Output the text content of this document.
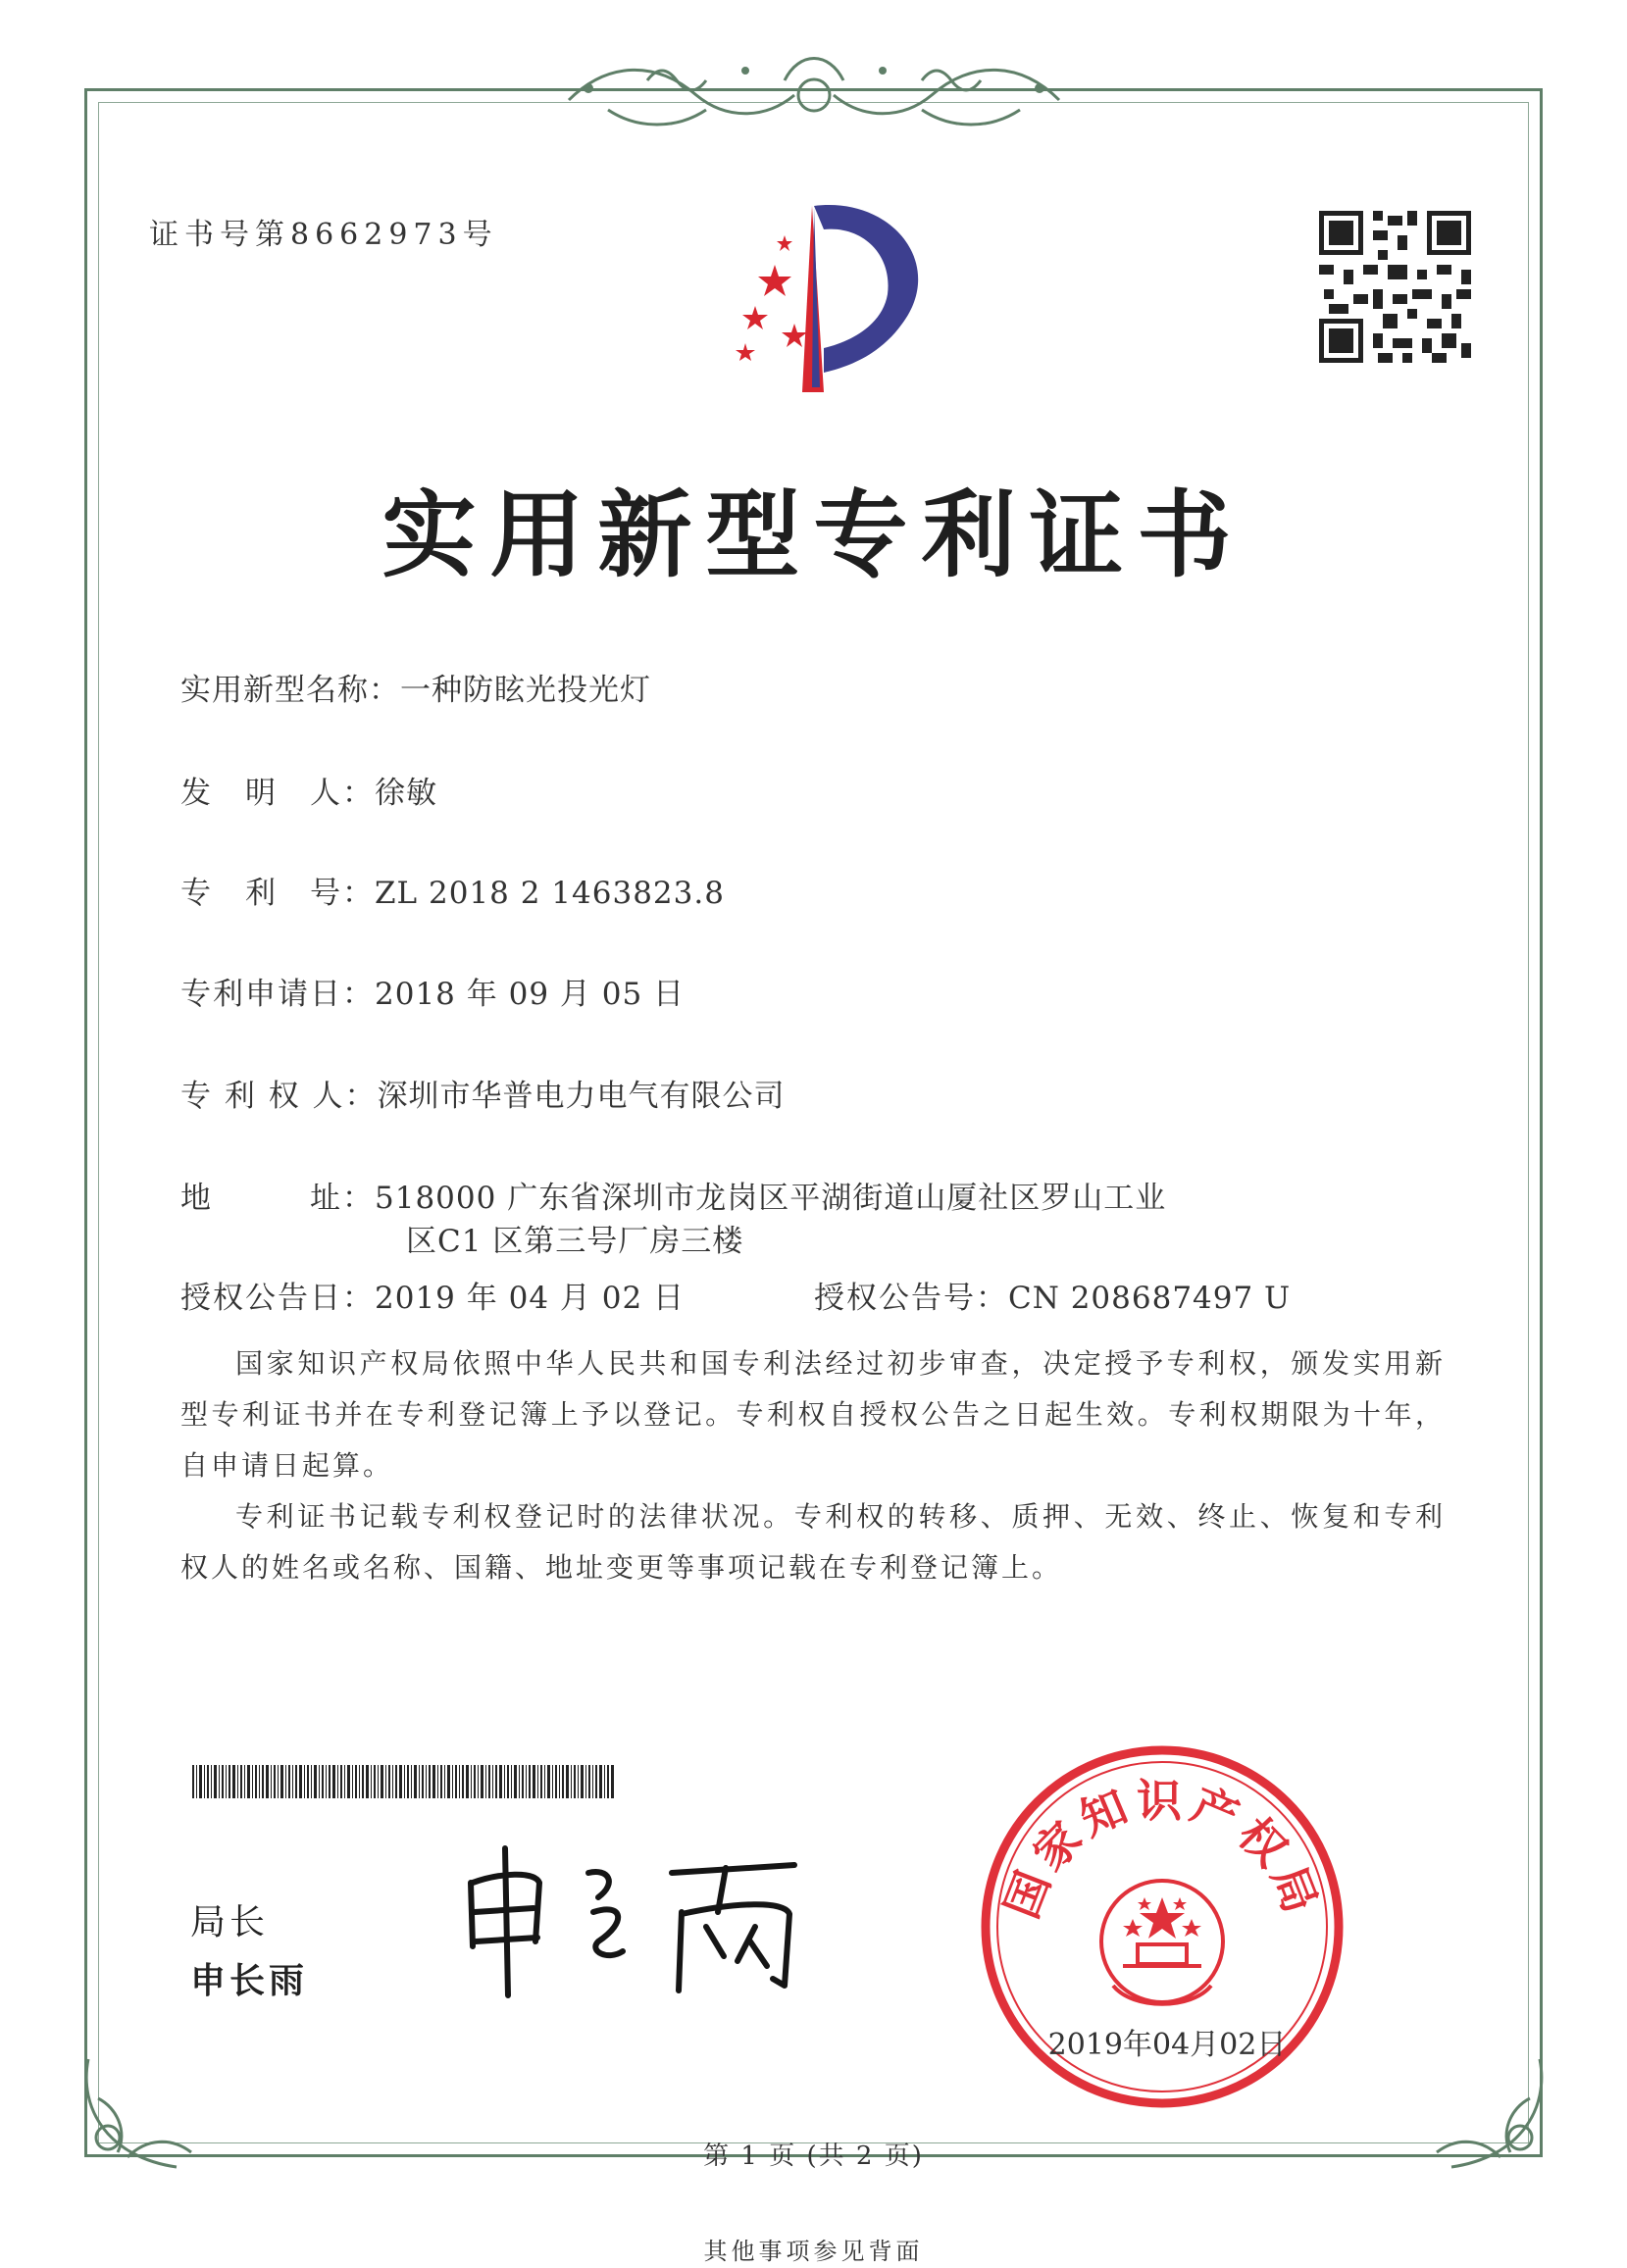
证书号第8662973号
实用新型专利证书
实用新型名称：一种防眩光投光灯
发　明　人：徐敏
专　利　号：ZL 2018 2 1463823.8
专利申请日：2018 年 09 月 05 日
专 利 权 人：深圳市华普电力电气有限公司
地　　　址：518000 广东省深圳市龙岗区平湖街道山厦社区罗山工业
区C1 区第三号厂房三楼
授权公告日：2019 年 04 月 02 日	授权公告号：CN 208687497 U

国家知识产权局依照中华人民共和国专利法经过初步审查，决定授予专利权，颁发实用新型专利证书并在专利登记簿上予以登记。专利权自授权公告之日起生效。专利权期限为十年，自申请日起算。

专利证书记载专利权登记时的法律状况。专利权的转移、质押、无效、终止、恢复和专利权人的姓名或名称、国籍、地址变更等事项记载在专利登记簿上。

局长
申长雨
国家知识产权局
2019年04月02日
第 1 页 (共 2 页)
其他事项参见背面
